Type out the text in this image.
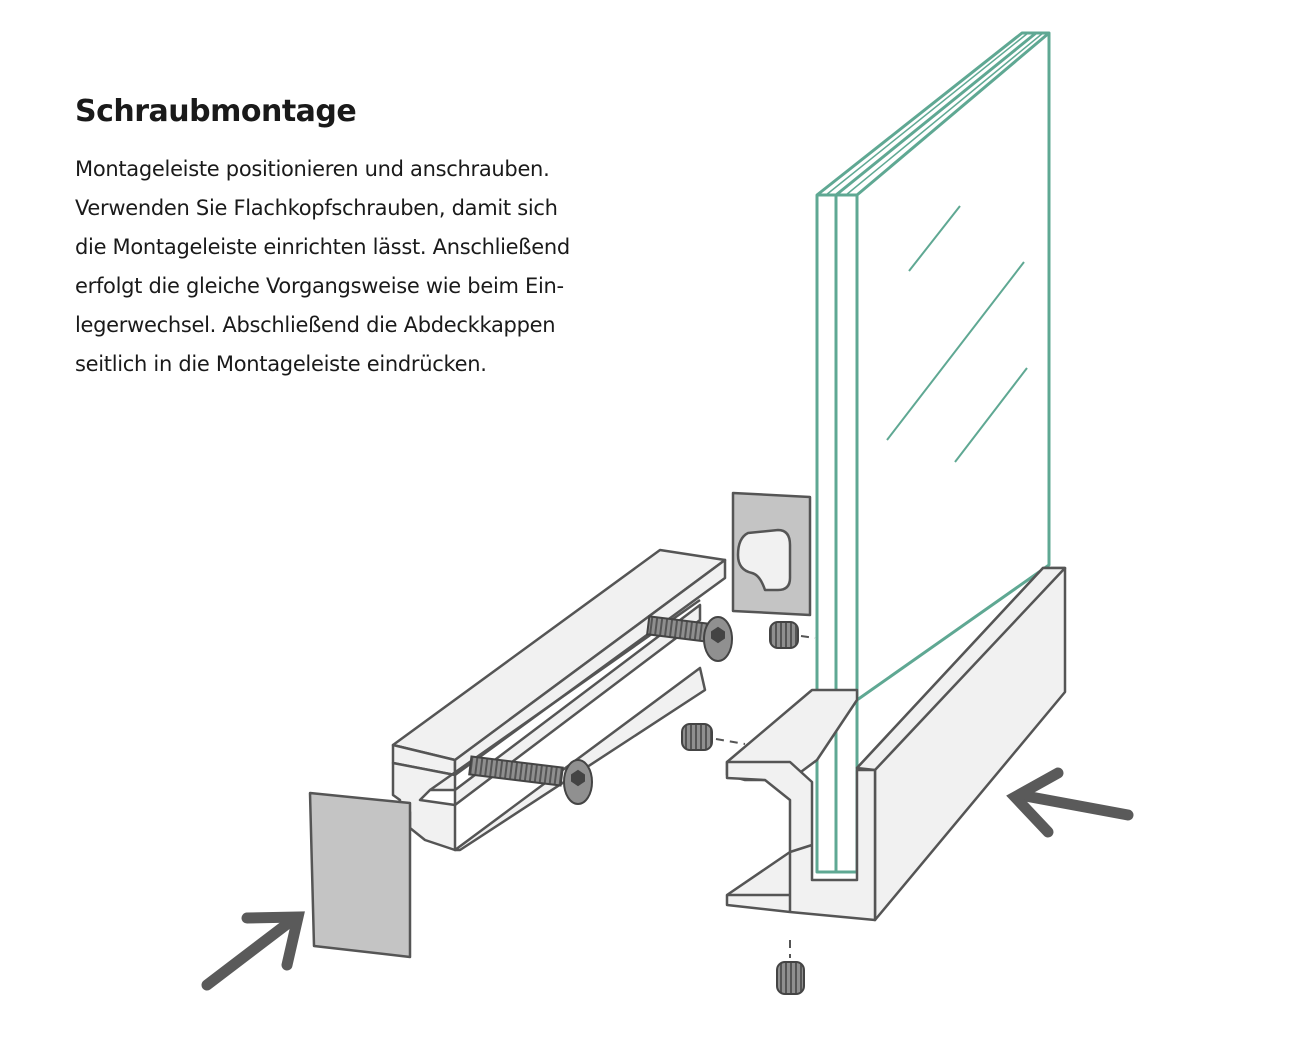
Schraubmontage
Montageleiste positionieren und anschrauben.
Verwenden Sie Flachkopfschrauben, damit sich
die Montageleiste einrichten lässt. Anschließend
erfolgt die gleiche Vorgangsweise wie beim Ein-
legerwechsel. Abschließend die Abdeckkappen
seitlich in die Montageleiste eindrücken.
